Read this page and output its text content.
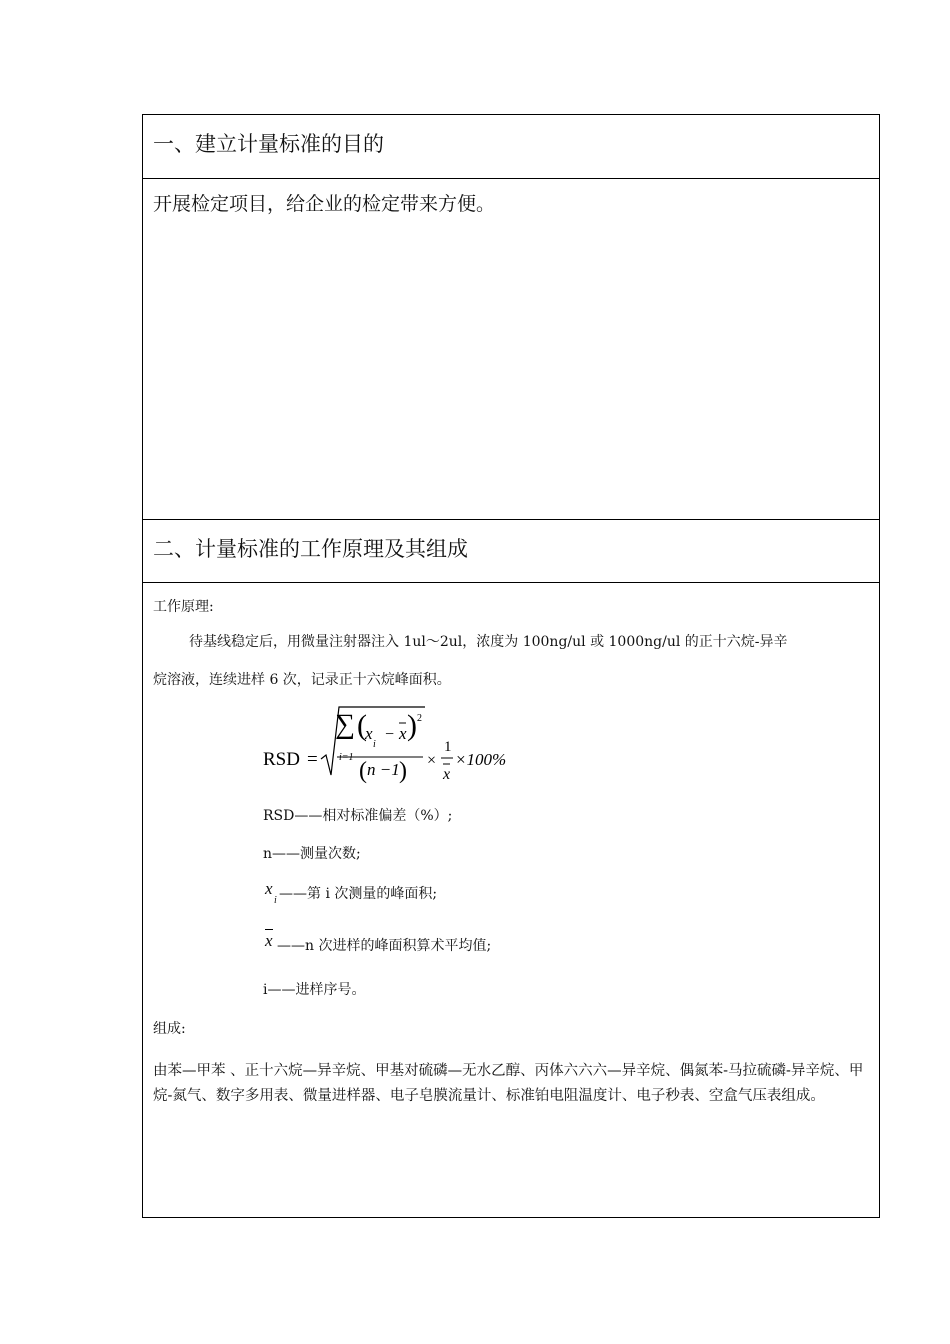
一、建立计量标准的目的
开展检定项目，给企业的检定带来方便。
二、计量标准的工作原理及其组成
工作原理:
待基线稳定后，用微量注射器注入 1ul～2ul，浓度为 100ng/ul 或 1000ng/ul 的正十六烷-异辛
烷溶液，连续进样 6 次，记录正十六烷峰面积。
RSD =
∑ (
x
i
− x ) 2
i=1
( n −1 ) ×
1
x
×100%
RSD——相对标准偏差（%）;
n——测量次数;
x
i ——第 i 次测量的峰面积;
x ——n 次进样的峰面积算术平均值;
i——进样序号。
组成:
由苯—甲苯 、正十六烷—异辛烷、甲基对硫磷—无水乙醇、丙体六六六—异辛烷、偶氮苯-马拉硫磷-异辛烷、甲烷-氮气、数字多用表、微量进样器、电子皂膜流量计、标准铂电阻温度计、电子秒表、空盒气压表组成。
